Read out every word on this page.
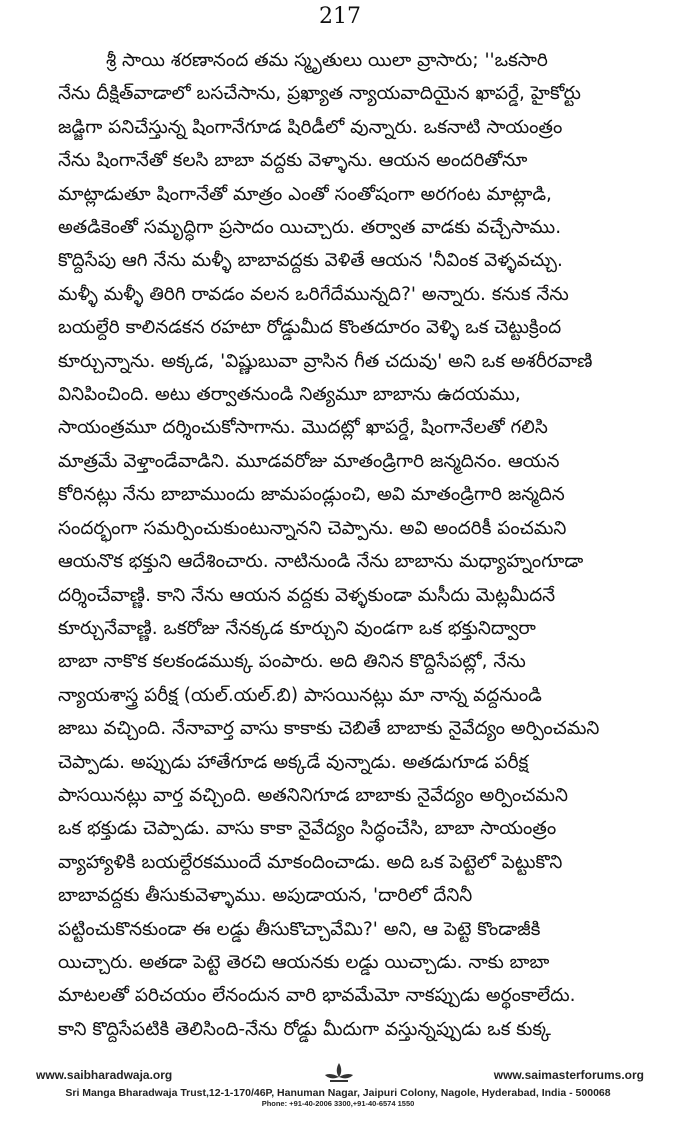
217
శ్రీ సాయి శరణానంద తమ స్మృతులు యిలా వ్రాసారు; ''ఒకసారి
నేను దీక్షిత్‌వాడాలో బసచేసాను, ప్రఖ్యాత న్యాయవాదియైన ఖాపర్డే, హైకోర్టు
జడ్జిగా పనిచేస్తున్న షింగానేగూడ షిరిడీలో వున్నారు. ఒకనాటి సాయంత్రం
నేను షింగానేతో కలసి బాబా వద్దకు వెళ్ళాను. ఆయన అందరితోనూ
మాట్లాడుతూ షింగానేతో మాత్రం ఎంతో సంతోషంగా అరగంట మాట్లాడి,
అతడికెంతో సమృద్ధిగా ప్రసాదం యిచ్చారు. తర్వాత వాడకు వచ్చేసాము.
కొద్దిసేపు ఆగి నేను మళ్ళీ బాబావద్దకు వెళితే ఆయన 'నీవింక వెళ్ళవచ్చు.
మళ్ళీ మళ్ళీ తిరిగి రావడం వలన ఒరిగేదేమున్నది?' అన్నారు. కనుక నేను
బయల్దేరి కాలినడకన రహటా రోడ్డుమీద కొంతదూరం వెళ్ళి ఒక చెట్టుక్రింద
కూర్చున్నాను. అక్కడ, 'విష్ణుబువా వ్రాసిన గీత చదువు' అని ఒక అశరీరవాణి
వినిపించింది. అటు తర్వాతనుండి నిత్యమూ బాబాను ఉదయము,
సాయంత్రమూ దర్శించుకోసాగాను. మొదట్లో ఖాపర్డే, షింగానేలతో గలిసి
మాత్రమే వెళ్తాండేవాడిని. మూడవరోజు మాతండ్రిగారి జన్మదినం. ఆయన
కోరినట్లు నేను బాబాముందు జామపండ్లుంచి, అవి మాతండ్రిగారి జన్మదిన
సందర్భంగా సమర్పించుకుంటున్నానని చెప్పాను. అవి అందరికీ పంచమని
ఆయనొక భక్తుని ఆదేశించారు. నాటినుండి నేను బాబాను మధ్యాహ్నంగూడా
దర్శించేవాణ్ణి. కాని నేను ఆయన వద్దకు వెళ్ళకుండా మసీదు మెట్లమీదనే
కూర్చునేవాణ్ణి. ఒకరోజు నేనక్కడ కూర్చుని వుండగా ఒక భక్తునిద్వారా
బాబా నాకొక కలకండముక్క పంపారు. అది తినిన కొద్దిసేపట్లో, నేను
న్యాయశాస్త్ర పరీక్ష (యల్.యల్.బి) పాసయినట్లు మా నాన్న వద్దనుండి
జాబు వచ్చింది. నేనావార్త వాసు కాకాకు చెబితే బాబాకు నైవేద్యం అర్పించమని
చెప్పాడు. అప్పుడు హాతేగూడ అక్కడే వున్నాడు. అతడుగూడ పరీక్ష
పాసయినట్లు వార్త వచ్చింది. అతనినిగూడ బాబాకు నైవేద్యం అర్పించమని
ఒక భక్తుడు చెప్పాడు. వాసు కాకా నైవేద్యం సిద్ధంచేసి, బాబా సాయంత్రం
వ్యాహ్యాళికి బయల్దేరకముందే మాకందించాడు. అది ఒక పెట్టెలో పెట్టుకొని
బాబావద్దకు తీసుకువెళ్ళాము. అపుడాయన, 'దారిలో దేనినీ
పట్టించుకొనకుండా ఈ లడ్డు తీసుకొచ్చావేమి?' అని, ఆ పెట్టె కొండాజీకి
యిచ్చారు. అతడా పెట్టె తెరచి ఆయనకు లడ్డు యిచ్చాడు. నాకు బాబా
మాటలతో పరిచయం లేనందున వారి భావమేమో నాకప్పుడు అర్థంకాలేదు.
కాని కొద్దిసేపటికి తెలిసింది-నేను రోడ్డు మీదుగా వస్తున్నప్పుడు ఒక కుక్క
www.saibharadwaja.org	www.saimasterforums.org
Sri Manga Bharadwaja Trust,12-1-170/46P, Hanuman Nagar, Jaipuri Colony, Nagole, Hyderabad, India - 500068
Phone: +91-40-2006 3300,+91-40-6574 1550
